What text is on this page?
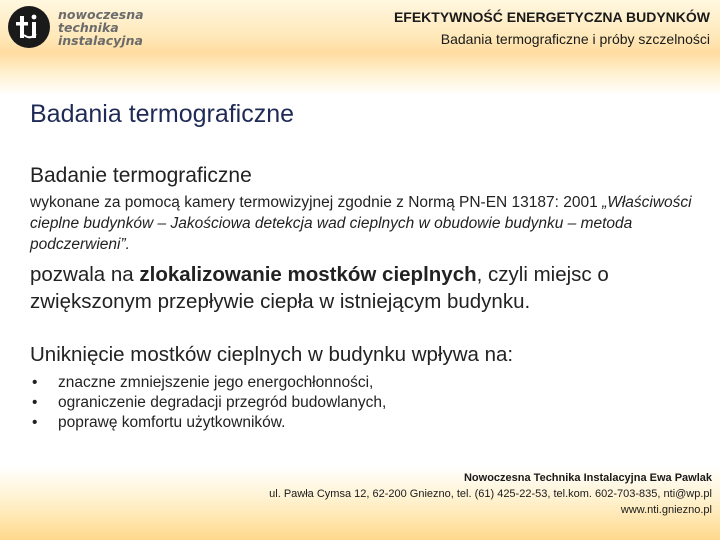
nowoczesna
technika
instalacyjna
EFEKTYWNOŚĆ ENERGETYCZNA BUDYNKÓW
Badania termograficzne i próby szczelności
Badania termograficzne

Badanie termograficzne

wykonane za pomocą kamery termowizyjnej zgodnie z Normą PN-EN 13187: 2001 „Właściwości cieplne budynków – Jakościowa detekcja wad cieplnych w obudowie budynku – metoda podczerwieni”.

pozwala na zlokalizowanie mostków cieplnych, czyli miejsc o zwiększonym przepływie ciepła w istniejącym budynku.

Uniknięcie mostków cieplnych w budynku wpływa na:

• znaczne zmniejszenie jego energochłonności,
• ograniczenie degradacji przegród budowlanych,
• poprawę komfortu użytkowników.
Nowoczesna Technika Instalacyjna Ewa Pawlak
ul. Pawła Cymsa 12, 62-200 Gniezno, tel. (61) 425-22-53, tel.kom. 602-703-835, nti@wp.pl
www.nti.gniezno.pl
